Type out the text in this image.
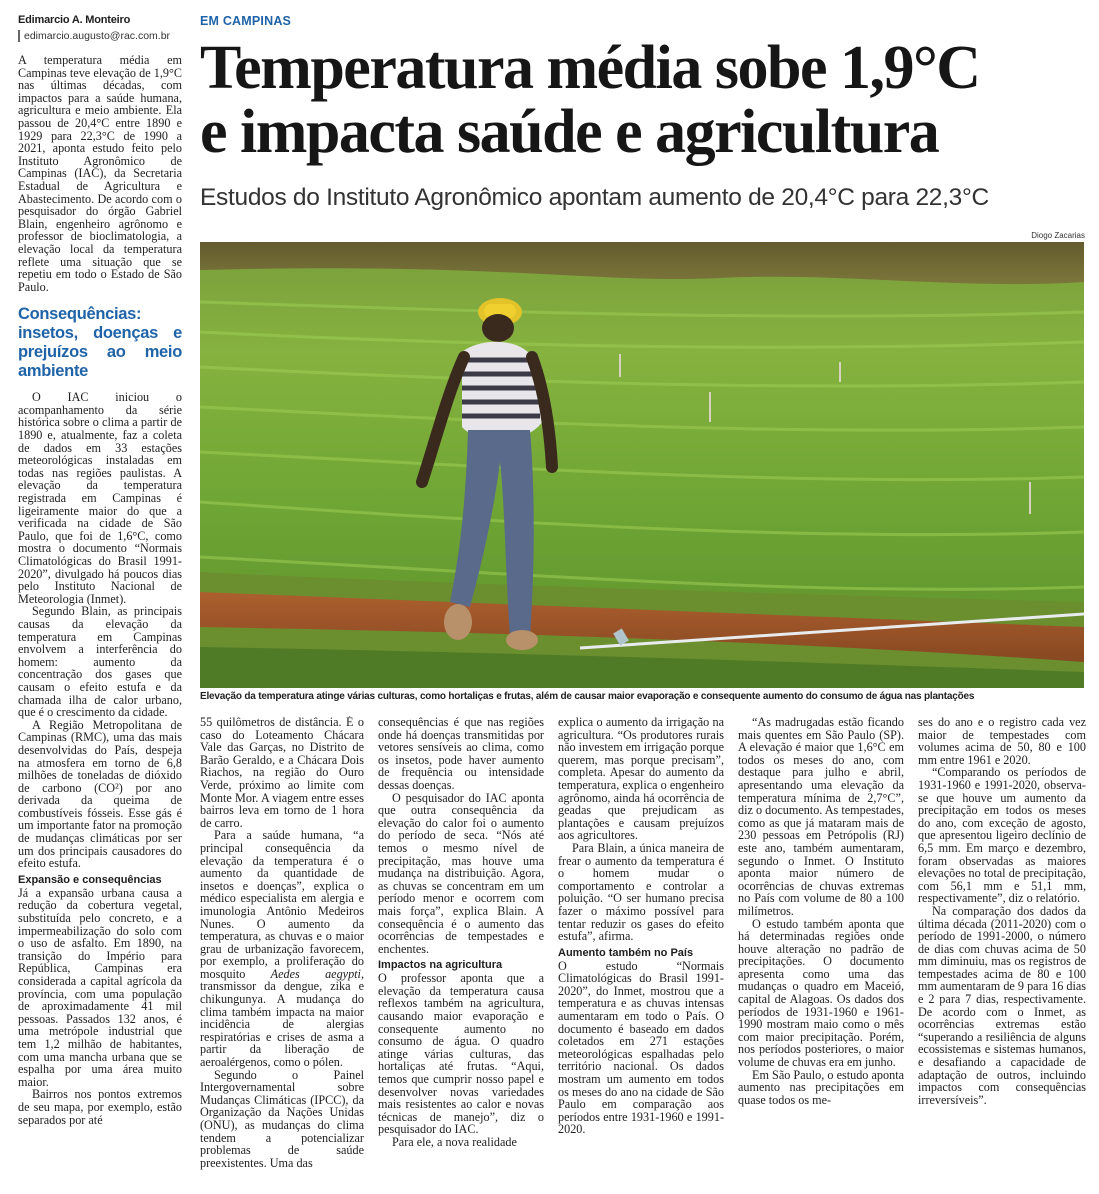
Edimarcio A. Monteiro
edimarcio.augusto@rac.com.br
EM CAMPINAS
Temperatura média sobe 1,9°C
e impacta saúde e agricultura
Estudos do Instituto Agronômico apontam aumento de 20,4°C para 22,3°C
Diogo Zacarias
Elevação da temperatura atinge várias culturas, como hortaliças e frutas, além de causar maior evaporação e consequente aumento do consumo de água nas plantações

A temperatura média em Campinas teve elevação de 1,9°C nas últimas décadas, com impactos para a saúde humana, agricultura e meio ambiente. Ela passou de 20,4°C entre 1890 e 1929 para 22,3°C de 1990 a 2021, aponta estudo feito pelo Instituto Agronômico de Campinas (IAC), da Secretaria Estadual de Agricultura e Abastecimento. De acordo com o pesquisador do órgão Gabriel Blain, engenheiro agrônomo e professor de bioclimatologia, a elevação local da temperatura reflete uma situação que se repetiu em todo o Estado de São Paulo.

Consequências: insetos, doenças e prejuízos ao meio ambiente

O IAC iniciou o acompanhamento da série histórica sobre o clima a partir de 1890 e, atualmente, faz a coleta de dados em 33 estações meteorológicas instaladas em todas nas regiões paulistas. A elevação da temperatura registrada em Campinas é ligeiramente maior do que a verificada na cidade de São Paulo, que foi de 1,6°C, como mostra o documento “Normais Climatológicas do Brasil 1991-2020”, divulgado há poucos dias pelo Instituto Nacional de Meteorologia (Inmet).

Segundo Blain, as principais causas da elevação da temperatura em Campinas envolvem a interferência do homem: aumento da concentração dos gases que causam o efeito estufa e da chamada ilha de calor urbano, que é o crescimento da cidade.

A Região Metropolitana de Campinas (RMC), uma das mais desenvolvidas do País, despeja na atmosfera em torno de 6,8 milhões de toneladas de dióxido de carbono (CO²) por ano derivada da queima de combustíveis fósseis. Esse gás é um importante fator na promoção de mudanças climáticas por ser um dos principais causadores do efeito estufa.

Expansão e consequências

Já a expansão urbana causa a redução da cobertura vegetal, substituída pelo concreto, e a impermeabilização do solo com o uso de asfalto. Em 1890, na transição do Império para República, Campinas era considerada a capital agrícola da província, com uma população de aproximadamente 41 mil pessoas. Passados 132 anos, é uma metrópole industrial que tem 1,2 milhão de habitantes, com uma mancha urbana que se espalha por uma área muito maior.

Bairros nos pontos extremos de seu mapa, por exemplo, estão separados por até

55 quilômetros de distância. É o caso do Loteamento Chácara Vale das Garças, no Distrito de Barão Geraldo, e a Chácara Dois Riachos, na região do Ouro Verde, próximo ao limite com Monte Mor. A viagem entre esses bairros leva em torno de 1 hora de carro.

Para a saúde humana, “a principal consequência da elevação da temperatura é o aumento da quantidade de insetos e doenças”, explica o médico especialista em alergia e imunologia Antônio Medeiros Nunes. O aumento da temperatura, as chuvas e o maior grau de urbanização favorecem, por exemplo, a proliferação do mosquito Aedes aegypti, transmissor da dengue, zika e chikungunya. A mudança do clima também impacta na maior incidência de alergias respiratórias e crises de asma a partir da liberação de aeroalérgenos, como o pólen.

Segundo o Painel Intergovernamental sobre Mudanças Climáticas (IPCC), da Organização da Nações Unidas (ONU), as mudanças do clima tendem a potencializar problemas de saúde preexistentes. Uma das

consequências é que nas regiões onde há doenças transmitidas por vetores sensíveis ao clima, como os insetos, pode haver aumento de frequência ou intensidade dessas doenças.

O pesquisador do IAC aponta que outra consequência da elevação do calor foi o aumento do período de seca. “Nós até temos o mesmo nível de precipitação, mas houve uma mudança na distribuição. Agora, as chuvas se concentram em um período menor e ocorrem com mais força”, explica Blain. A consequência é o aumento das ocorrências de tempestades e enchentes.

Impactos na agricultura

O professor aponta que a elevação da temperatura causa reflexos também na agricultura, causando maior evaporação e consequente aumento no consumo de água. O quadro atinge várias culturas, das hortaliças até frutas. “Aqui, temos que cumprir nosso papel e desenvolver novas variedades mais resistentes ao calor e novas técnicas de manejo”, diz o pesquisador do IAC.

Para ele, a nova realidade

explica o aumento da irrigação na agricultura. “Os produtores rurais não investem em irrigação porque querem, mas porque precisam”, completa. Apesar do aumento da temperatura, explica o engenheiro agrônomo, ainda há ocorrência de geadas que prejudicam as plantações e causam prejuízos aos agricultores.

Para Blain, a única maneira de frear o aumento da temperatura é o homem mudar o comportamento e controlar a poluição. “O ser humano precisa fazer o máximo possível para tentar reduzir os gases do efeito estufa”, afirma.

Aumento também no País

O estudo “Normais Climatológicas do Brasil 1991-2020”, do Inmet, mostrou que a temperatura e as chuvas intensas aumentaram em todo o País. O documento é baseado em dados coletados em 271 estações meteorológicas espalhadas pelo território nacional. Os dados mostram um aumento em todos os meses do ano na cidade de São Paulo em comparação aos períodos entre 1931-1960 e 1991-2020.

“As madrugadas estão ficando mais quentes em São Paulo (SP). A elevação é maior que 1,6°C em todos os meses do ano, com destaque para julho e abril, apresentando uma elevação da temperatura mínima de 2,7°C”, diz o documento. As tempestades, como as que já mataram mais de 230 pessoas em Petrópolis (RJ) este ano, também aumentaram, segundo o Inmet. O Instituto aponta maior número de ocorrências de chuvas extremas no País com volume de 80 a 100 milímetros.

O estudo também aponta que há determinadas regiões onde houve alteração no padrão de precipitações. O documento apresenta como uma das mudanças o quadro em Maceió, capital de Alagoas. Os dados dos períodos de 1931-1960 e 1961-1990 mostram maio como o mês com maior precipitação. Porém, nos períodos posteriores, o maior volume de chuvas era em junho.

Em São Paulo, o estudo aponta aumento nas precipitações em quase todos os me-

ses do ano e o registro cada vez maior de tempestades com volumes acima de 50, 80 e 100 mm entre 1961 e 2020.

“Comparando os períodos de 1931-1960 e 1991-2020, observa-se que houve um aumento da precipitação em todos os meses do ano, com exceção de agosto, que apresentou ligeiro declínio de 6,5 mm. Em março e dezembro, foram observadas as maiores elevações no total de precipitação, com 56,1 mm e 51,1 mm, respectivamente”, diz o relatório.

Na comparação dos dados da última década (2011-2020) com o período de 1991-2000, o número de dias com chuvas acima de 50 mm diminuiu, mas os registros de tempestades acima de 80 e 100 mm aumentaram de 9 para 16 dias e 2 para 7 dias, respectivamente. De acordo com o Inmet, as ocorrências extremas estão “superando a resiliência de alguns ecossistemas e sistemas humanos, e desafiando a capacidade de adaptação de outros, incluindo impactos com consequências irreversíveis”.
